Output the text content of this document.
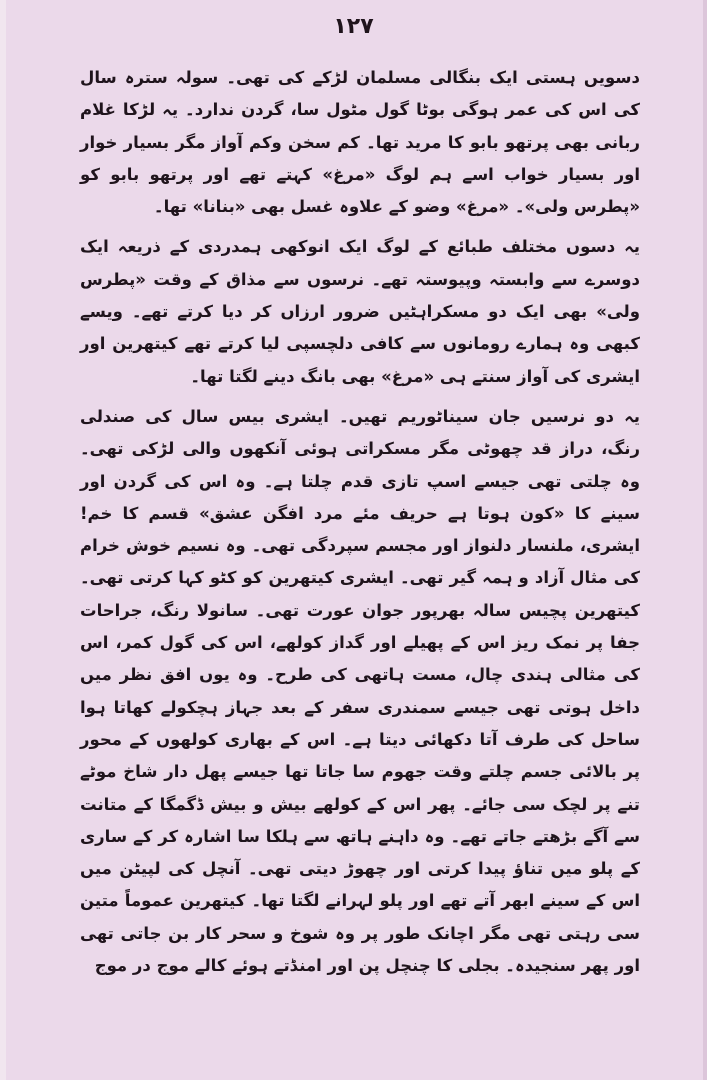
۱۲۷

دسویں ہستی ایک بنگالی مسلمان لڑکے کی تھی۔ سولہ سترہ سال کی اس کی عمر ہوگی بوٹا گول مٹول سا، گردن ندارد۔ یہ لڑکا غلام ربانی بھی پرتھو بابو کا مرید تھا۔ کم سخن وکم آواز مگر بسیار خوار اور بسیار خواب اسے ہم لوگ «مرغ» کہتے تھے اور پرتھو بابو کو «پطرس ولی»۔ «مرغ» وضو کے علاوہ غسل بھی «بنانا» تھا۔

یہ دسوں مختلف طبائع کے لوگ ایک انوکھی ہمدردی کے ذریعہ ایک دوسرے سے وابستہ وپیوستہ تھے۔ نرسوں سے مذاق کے وقت «پطرس ولی» بھی ایک دو مسکراہٹیں ضرور ارزاں کر دیا کرتے تھے۔ ویسے کبھی وہ ہمارے رومانوں سے کافی دلچسپی لیا کرتے تھے کیتھرین اور ایشری کی آواز سنتے ہی «مرغ» بھی بانگ دینے لگتا تھا۔

یہ دو نرسیں جان سیناٹوریم تھیں۔ ایشری بیس سال کی صندلی رنگ، دراز قد چھوٹی مگر مسکراتی ہوئی آنکھوں والی لڑکی تھی۔ وہ چلتی تھی جیسے اسپ تازی قدم چلتا ہے۔ وہ اس کی گردن اور سینے کا «کون ہوتا ہے حریف مئے مرد افگن عشق» قسم کا خم! ایشری، ملنسار دلنواز اور مجسم سپردگی تھی۔ وہ نسیم خوش خرام کی مثال آزاد و ہمہ گیر تھی۔ ایشری کیتھرین کو کٹو کہا کرتی تھی۔ کیتھرین پچیس سالہ بھرپور جوان عورت تھی۔ سانولا رنگ، جراحات جفا پر نمک ریز اس کے پھیلے اور گداز کولھے، اس کی گول کمر، اس کی مثالی ہندی چال، مست ہاتھی کی طرح۔ وہ یوں افق نظر میں داخل ہوتی تھی جیسے سمندری سفر کے بعد جہاز ہچکولے کھاتا ہوا ساحل کی طرف آتا دکھائی دیتا ہے۔ اس کے بھاری کولھوں کے محور پر بالائی جسم چلتے وقت جھوم سا جاتا تھا جیسے پھل دار شاخ موٹے تنے پر لچک سی جائے۔ پھر اس کے کولھے بیش و بیش ڈگمگا کے متانت سے آگے بڑھتے جاتے تھے۔ وہ داہنے ہاتھ سے ہلکا سا اشارہ کر کے ساری کے پلو میں تناؤ پیدا کرتی اور چھوڑ دیتی تھی۔ آنچل کی لپیٹن میں اس کے سینے ابھر آتے تھے اور پلو لہرانے لگتا تھا۔ کیتھرین عموماً متین سی رہتی تھی مگر اچانک طور پر وہ شوخ و سحر کار بن جاتی تھی اور پھر سنجیدہ۔ بجلی کا چنچل پن اور امنڈتے ہوئے کالے موج در موج
